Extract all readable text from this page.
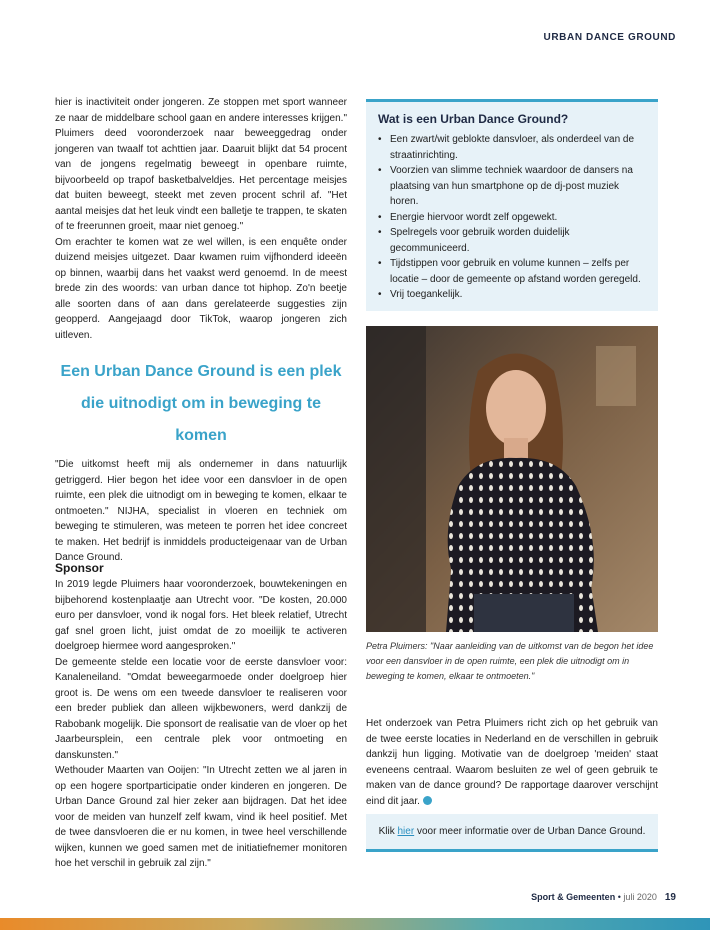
URBAN DANCE GROUND

hier is inactiviteit onder jongeren. Ze stoppen met sport wanneer ze naar de middelbare school gaan en andere interesses krijgen." Pluimers deed vooronderzoek naar beweeggedrag onder jongeren van twaalf tot achttien jaar. Daaruit blijkt dat 54 procent van de jongens regelmatig beweegt in openbare ruimte, bijvoorbeeld op trapof basketbalveldjes. Het percentage meisjes dat buiten beweegt, steekt met zeven procent schril af. "Het aantal meisjes dat het leuk vindt een balletje te trappen, te skaten of te freerunnen groeit, maar niet genoeg."

Om erachter te komen wat ze wel willen, is een enquête onder duizend meisjes uitgezet. Daar kwamen ruim vijfhonderd ideeën op binnen, waarbij dans het vaakst werd genoemd. In de meest brede zin des woords: van urban dance tot hiphop. Zo'n beetje alle soorten dans of aan dans gerelateerde suggesties zijn geopperd. Aangejaagd door TikTok, waarop jongeren zich uitleven.

Een Urban Dance Ground is een plek die uitnodigt om in beweging te komen

"Die uitkomst heeft mij als ondernemer in dans natuurlijk getriggerd. Hier begon het idee voor een dansvloer in de open ruimte, een plek die uitnodigt om in beweging te komen, elkaar te ontmoeten." NIJHA, specialist in vloeren en techniek om beweging te stimuleren, was meteen te porren het idee concreet te maken. Het bedrijf is inmiddels producteigenaar van de Urban Dance Ground.

Sponsor

In 2019 legde Pluimers haar vooronderzoek, bouwtekeningen en bijbehorend kostenplaatje aan Utrecht voor. "De kosten, 20.000 euro per dansvloer, vond ik nogal fors. Het bleek relatief, Utrecht gaf snel groen licht, juist omdat de zo moeilijk te activeren doelgroep hiermee word aangesproken."

De gemeente stelde een locatie voor de eerste dansvloer voor: Kanaleneiland. "Omdat beweegarmoede onder doelgroep hier groot is. De wens om een tweede dansvloer te realiseren voor een breder publiek dan alleen wijkbewoners, werd dankzij de Rabobank mogelijk. Die sponsort de realisatie van de vloer op het Jaarbeursplein, een centrale plek voor ontmoeting en danskunsten."

Wethouder Maarten van Ooijen: "In Utrecht zetten we al jaren in op een hogere sportparticipatie onder kinderen en jongeren. De Urban Dance Ground zal hier zeker aan bijdragen. Dat het idee voor de meiden van hunzelf zelf kwam, vind ik heel positief. Met de twee dansvloeren die er nu komen, in twee heel verschillende wijken, kunnen we goed samen met de initiatiefnemer monitoren hoe het verschil in gebruik zal zijn."

Wat is een Urban Dance Ground?
• Een zwart/wit geblokte dansvloer, als onderdeel van de straatinrichting.
• Voorzien van slimme techniek waardoor de dansers na plaatsing van hun smartphone op de dj-post muziek horen.
• Energie hiervoor wordt zelf opgewekt.
• Spelregels voor gebruik worden duidelijk gecommuniceerd.
• Tijdstippen voor gebruik en volume kunnen – zelfs per locatie – door de gemeente op afstand worden geregeld.
• Vrij toegankelijk.
Petra Pluimers: "Naar aanleiding van de uitkomst van de begon het idee voor een dansvloer in de open ruimte, een plek die uitnodigt om in beweging te komen, elkaar te ontmoeten."

Het onderzoek van Petra Pluimers richt zich op het gebruik van de twee eerste locaties in Nederland en de verschillen in gebruik dankzij hun ligging. Motivatie van de doelgroep 'meiden' staat eveneens centraal. Waarom besluiten ze wel of geen gebruik te maken van de dance ground? De rapportage daarover verschijnt eind dit jaar.

Klik hier voor meer informatie over de Urban Dance Ground.
Sport & Gemeenten • juli 2020 19
